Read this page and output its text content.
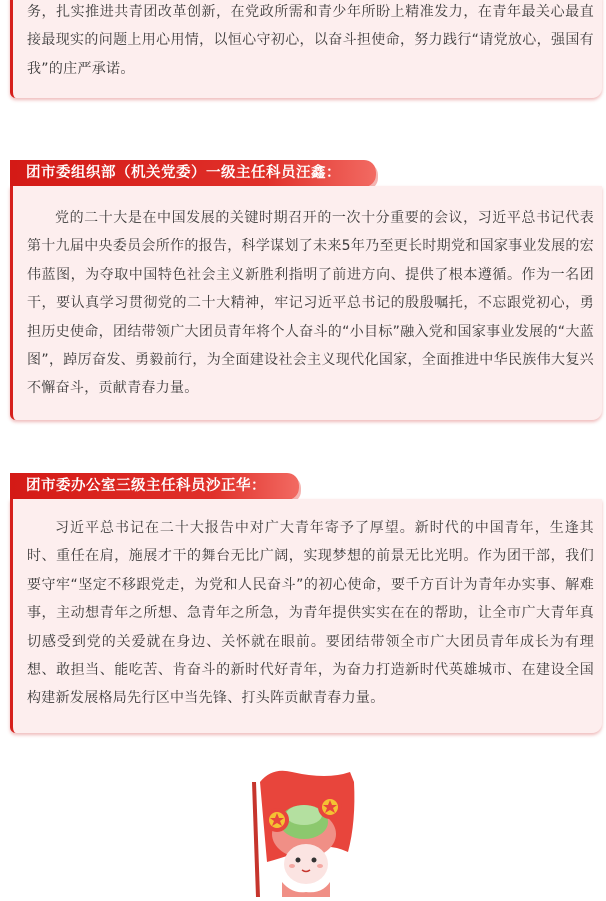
务，扎实推进共青团改革创新，在党政所需和青少年所盼上精准发力，在青年最关心最直接最现实的问题上用心用情，以恒心守初心，以奋斗担使命，努力践行“请党放心，强国有我”的庄严承诺。

团市委组织部（机关党委）一级主任科员汪鑫：

党的二十大是在中国发展的关键时期召开的一次十分重要的会议，习近平总书记代表第十九届中央委员会所作的报告，科学谋划了未来5年乃至更长时期党和国家事业发展的宏伟蓝图，为夺取中国特色社会主义新胜利指明了前进方向、提供了根本遵循。作为一名团干，要认真学习贯彻党的二十大精神，牢记习近平总书记的殷殷嘱托，不忘跟党初心，勇担历史使命，团结带领广大团员青年将个人奋斗的“小目标”融入党和国家事业发展的“大蓝图”，踔厉奋发、勇毅前行，为全面建设社会主义现代化国家，全面推进中华民族伟大复兴不懈奋斗，贡献青春力量。

团市委办公室三级主任科员沙正华：

习近平总书记在二十大报告中对广大青年寄予了厚望。新时代的中国青年，生逢其时、重任在肩，施展才干的舞台无比广阔，实现梦想的前景无比光明。作为团干部，我们要守牢“坚定不移跟党走，为党和人民奋斗”的初心使命，要千方百计为青年办实事、解难事，主动想青年之所想、急青年之所急，为青年提供实实在在的帮助，让全市广大青年真切感受到党的关爱就在身边、关怀就在眼前。要团结带领全市广大团员青年成长为有理想、敢担当、能吃苦、肯奋斗的新时代好青年，为奋力打造新时代英雄城市、在建设全国构建新发展格局先行区中当先锋、打头阵贡献青春力量。
